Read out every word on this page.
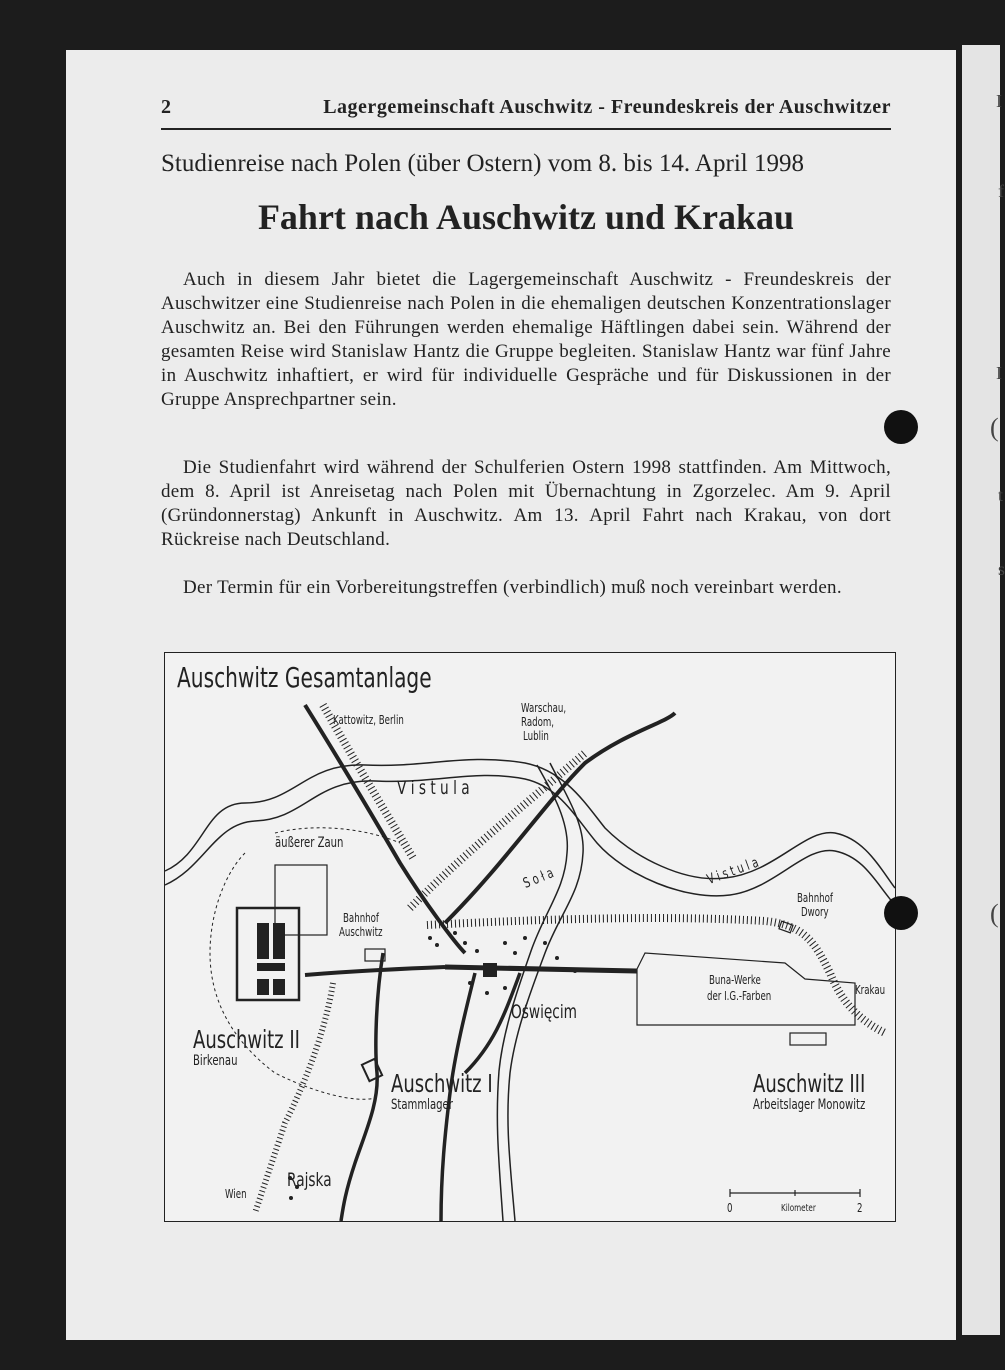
2	Lagergemeinschaft Auschwitz - Freundeskreis der Auschwitzer
Studienreise nach Polen (über Ostern) vom 8. bis 14. April 1998
Fahrt nach Auschwitz und Krakau
Auch in diesem Jahr bietet die Lagergemeinschaft Auschwitz - Freundeskreis der Auschwitzer eine Studienreise nach Polen in die ehemaligen deutschen Konzentrationslager Auschwitz an. Bei den Führungen werden ehemalige Häftlingen dabei sein. Während der gesamten Reise wird Stanislaw Hantz die Gruppe begleiten. Stanislaw Hantz war fünf Jahre in Auschwitz inhaftiert, er wird für individuelle Gespräche und für Diskussionen in der Gruppe Ansprechpartner sein.
Die Studienfahrt wird während der Schulferien Ostern 1998 stattfinden. Am Mittwoch, dem 8. April ist Anreisetag nach Polen mit Übernachtung in Zgorzelec. Am 9. April (Gründonnerstag) Ankunft in Auschwitz. Am 13. April Fahrt nach Krakau, von dort Rückreise nach Deutschland.
Der Termin für ein Vorbereitungstreffen (verbindlich) muß noch vereinbart werden.
Auschwitz Gesamtanlage
Kattowitz, Berlin
Warschau,
Radom,
Lublin
V i s t u l a
äußerer Zaun
S o ł a	V i s t u l a
Bahnhof
Dwory
Bahnhof
Auschwitz
Buna-Werke
der I.G.-Farben	Krakau
Oświęcim
Auschwitz II
Birkenau
Auschwitz I
Stammlager
Auschwitz III
Arbeitslager Monowitz
Rajska
Wien
0	Kilometer	2
I
f
I
(
t
s
(
